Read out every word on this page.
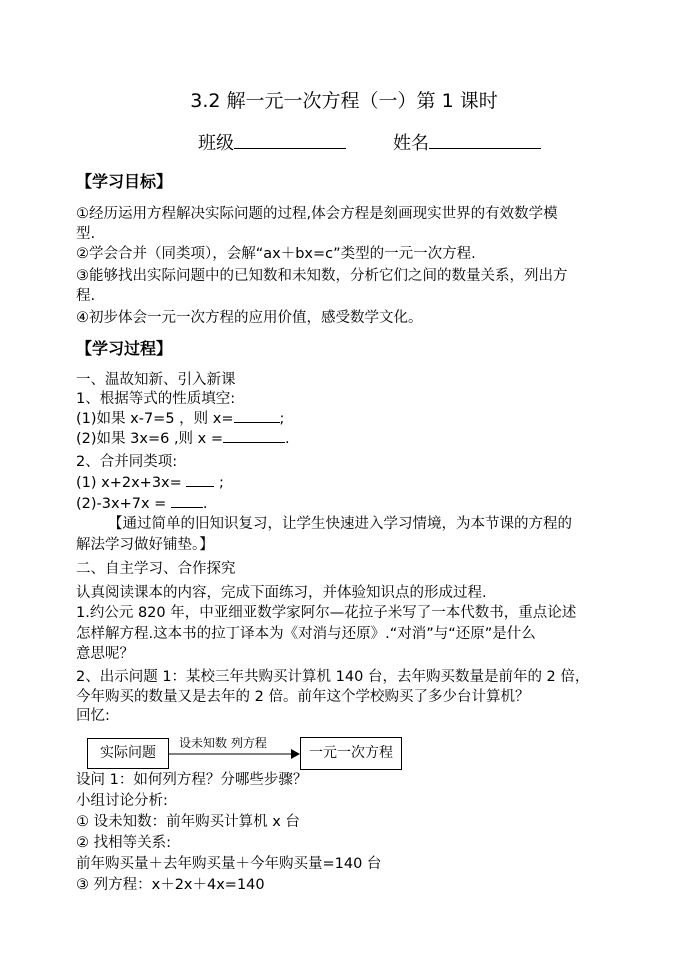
3.2 解一元一次方程（一）第 1 课时
班级	姓名
【学习目标】
①经历运用方程解决实际问题的过程,体会方程是刻画现实世界的有效数学模
型.
②学会合并（同类项），会解“ax＋bx=c”类型的一元一次方程.
③能够找出实际问题中的已知数和未知数，分析它们之间的数量关系，列出方
程.
④初步体会一元一次方程的应用价值，感受数学文化。
【学习过程】
一、温故知新、引入新课
1、根据等式的性质填空:
(1)如果 x-7=5 ，则 x=	;
(2)如果 3x=6 ,则 x =	.
2、合并同类项:
(1) x+2x+3x=  ;
(2)-3x+7x = .
【通过简单的旧知识复习，让学生快速进入学习情境，为本节课的方程的
解法学习做好铺垫。】
二、自主学习、合作探究
认真阅读课本的内容，完成下面练习，并体验知识点的形成过程.
1.约公元 820 年，中亚细亚数学家阿尔—花拉子米写了一本代数书，重点论述
怎样解方程.这本书的拉丁译本为《对消与还原》.“对消”与“还原”是什么
意思呢？
2、出示问题 1：某校三年共购买计算机 140 台，去年购买数量是前年的 2 倍，
今年购买的数量又是去年的 2 倍。前年这个学校购买了多少台计算机？
回忆:
实际问题
设未知数 列方程
一元一次方程
设问 1：如何列方程？分哪些步骤？
小组讨论分析:
① 设未知数：前年购买计算机 x 台
② 找相等关系:
前年购买量＋去年购买量＋今年购买量=140 台
③ 列方程：x＋2x＋4x=140
